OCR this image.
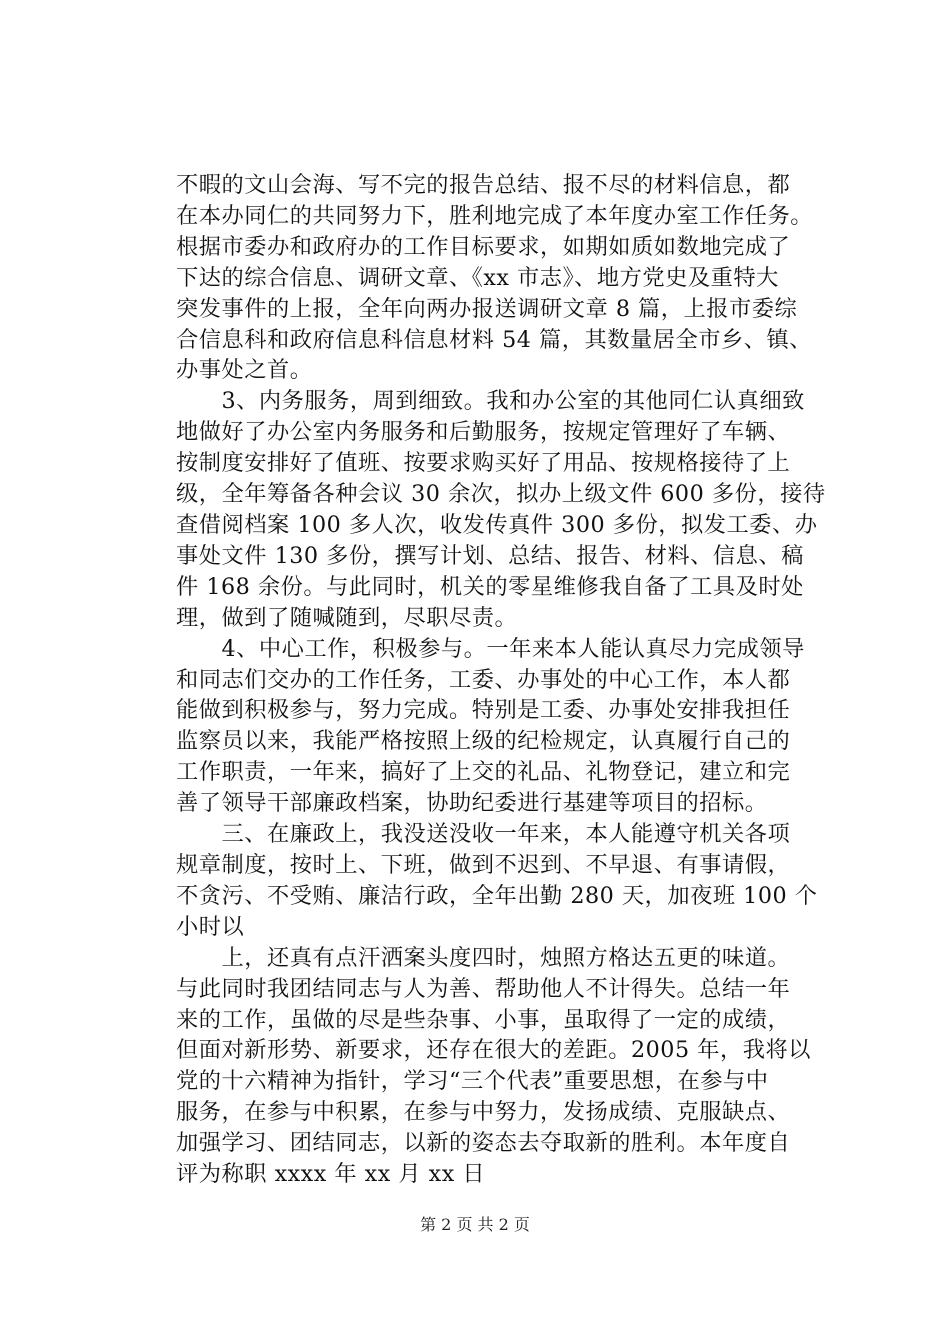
不暇的文山会海、写不完的报告总结、报不尽的材料信息，都
在本办同仁的共同努力下，胜利地完成了本年度办室工作任务。
根据市委办和政府办的工作目标要求，如期如质如数地完成了
下达的综合信息、调研文章、《xx 市志》、地方党史及重特大
突发事件的上报，全年向两办报送调研文章 8 篇，上报市委综
合信息科和政府信息科信息材料 54 篇，其数量居全市乡、镇、
办事处之首。
　　3、内务服务，周到细致。我和办公室的其他同仁认真细致
地做好了办公室内务服务和后勤服务，按规定管理好了车辆、
按制度安排好了值班、按要求购买好了用品、按规格接待了上
级，全年筹备各种会议 30 余次，拟办上级文件 600 多份，接待
查借阅档案 100 多人次，收发传真件 300 多份，拟发工委、办
事处文件 130 多份，撰写计划、总结、报告、材料、信息、稿
件 168 余份。与此同时，机关的零星维修我自备了工具及时处
理，做到了随喊随到，尽职尽责。
　　4、中心工作，积极参与。一年来本人能认真尽力完成领导
和同志们交办的工作任务，工委、办事处的中心工作，本人都
能做到积极参与，努力完成。特别是工委、办事处安排我担任
监察员以来，我能严格按照上级的纪检规定，认真履行自己的
工作职责，一年来，搞好了上交的礼品、礼物登记，建立和完
善了领导干部廉政档案，协助纪委进行基建等项目的招标。
　　三、在廉政上，我没送没收一年来，本人能遵守机关各项
规章制度，按时上、下班，做到不迟到、不早退、有事请假，
不贪污、不受贿、廉洁行政，全年出勤 280 天，加夜班 100 个
小时以
　　上，还真有点汗洒案头度四时，烛照方格达五更的味道。
与此同时我团结同志与人为善、帮助他人不计得失。总结一年
来的工作，虽做的尽是些杂事、小事，虽取得了一定的成绩，
但面对新形势、新要求，还存在很大的差距。2005 年，我将以
党的十六精神为指针，学习“三个代表”重要思想，在参与中
服务，在参与中积累，在参与中努力，发扬成绩、克服缺点、
加强学习、团结同志，以新的姿态去夺取新的胜利。本年度自
评为称职 xxxx 年 xx 月 xx 日
第 2 页 共 2 页
